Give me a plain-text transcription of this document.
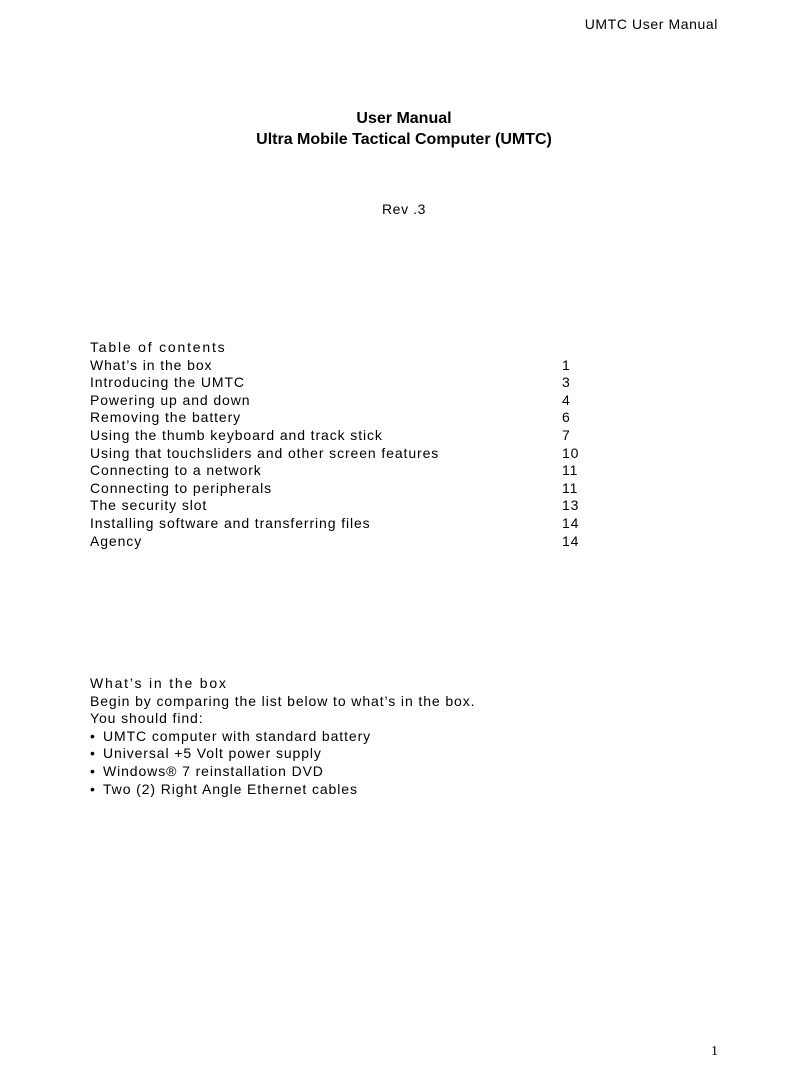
UMTC User Manual
User Manual
Ultra Mobile Tactical Computer (UMTC)
Rev .3
Table of contents
What’s in the box	1
Introducing the UMTC	3
Powering up and down	4
Removing the battery	6
Using the thumb keyboard and track stick	7
Using that touchsliders and other screen features	10
Connecting to a network	11
Connecting to peripherals	11
The security slot	13
Installing software and transferring files	14
Agency	14
What’s in the box
Begin by comparing the list below to what’s in the box.
You should find:
• UMTC computer with standard battery
• Universal +5 Volt power supply
• Windows® 7 reinstallation DVD
• Two (2) Right Angle Ethernet cables
1
